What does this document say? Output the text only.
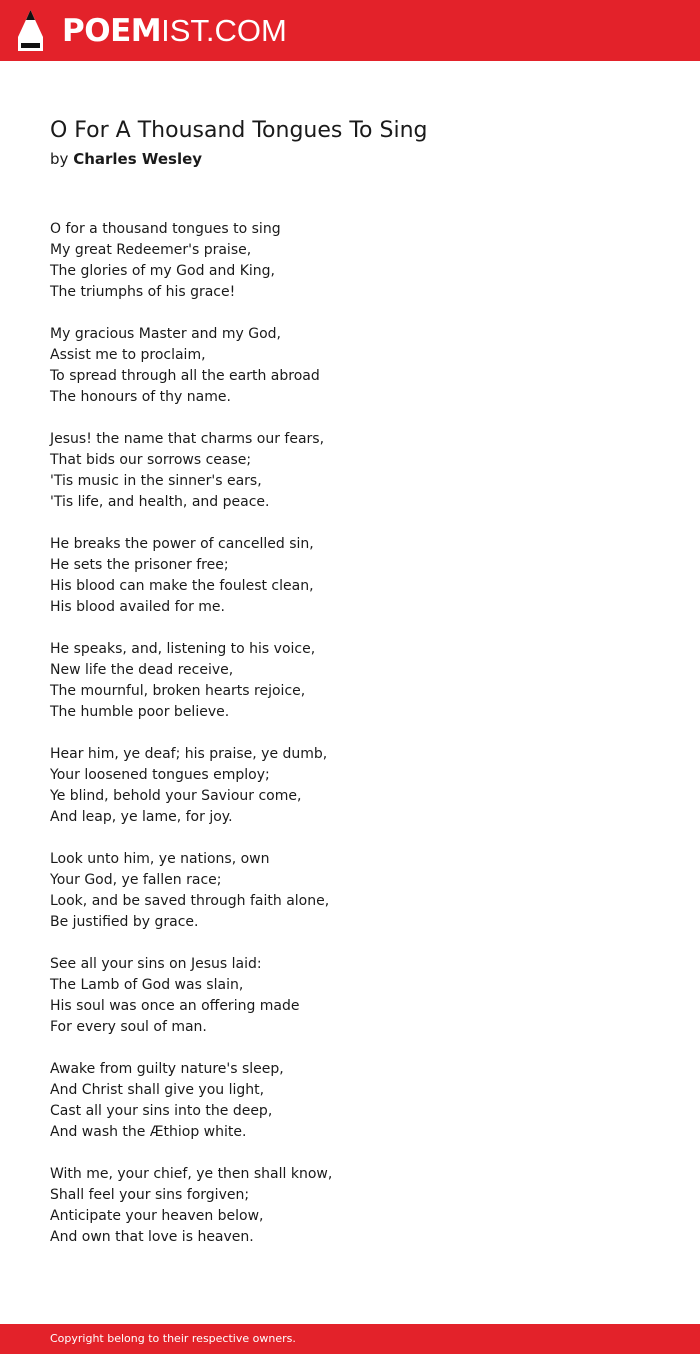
POEMIST.COM
O For A Thousand Tongues To Sing
by Charles Wesley
O for a thousand tongues to sing
My great Redeemer's praise,
The glories of my God and King,
The triumphs of his grace!
My gracious Master and my God,
Assist me to proclaim,
To spread through all the earth abroad
The honours of thy name.
Jesus! the name that charms our fears,
That bids our sorrows cease;
'Tis music in the sinner's ears,
'Tis life, and health, and peace.
He breaks the power of cancelled sin,
He sets the prisoner free;
His blood can make the foulest clean,
His blood availed for me.
He speaks, and, listening to his voice,
New life the dead receive,
The mournful, broken hearts rejoice,
The humble poor believe.
Hear him, ye deaf; his praise, ye dumb,
Your loosened tongues employ;
Ye blind, behold your Saviour come,
And leap, ye lame, for joy.
Look unto him, ye nations, own
Your God, ye fallen race;
Look, and be saved through faith alone,
Be justified by grace.
See all your sins on Jesus laid:
The Lamb of God was slain,
His soul was once an offering made
For every soul of man.
Awake from guilty nature's sleep,
And Christ shall give you light,
Cast all your sins into the deep,
And wash the Æthiop white.
With me, your chief, ye then shall know,
Shall feel your sins forgiven;
Anticipate your heaven below,
And own that love is heaven.
Copyright belong to their respective owners.
